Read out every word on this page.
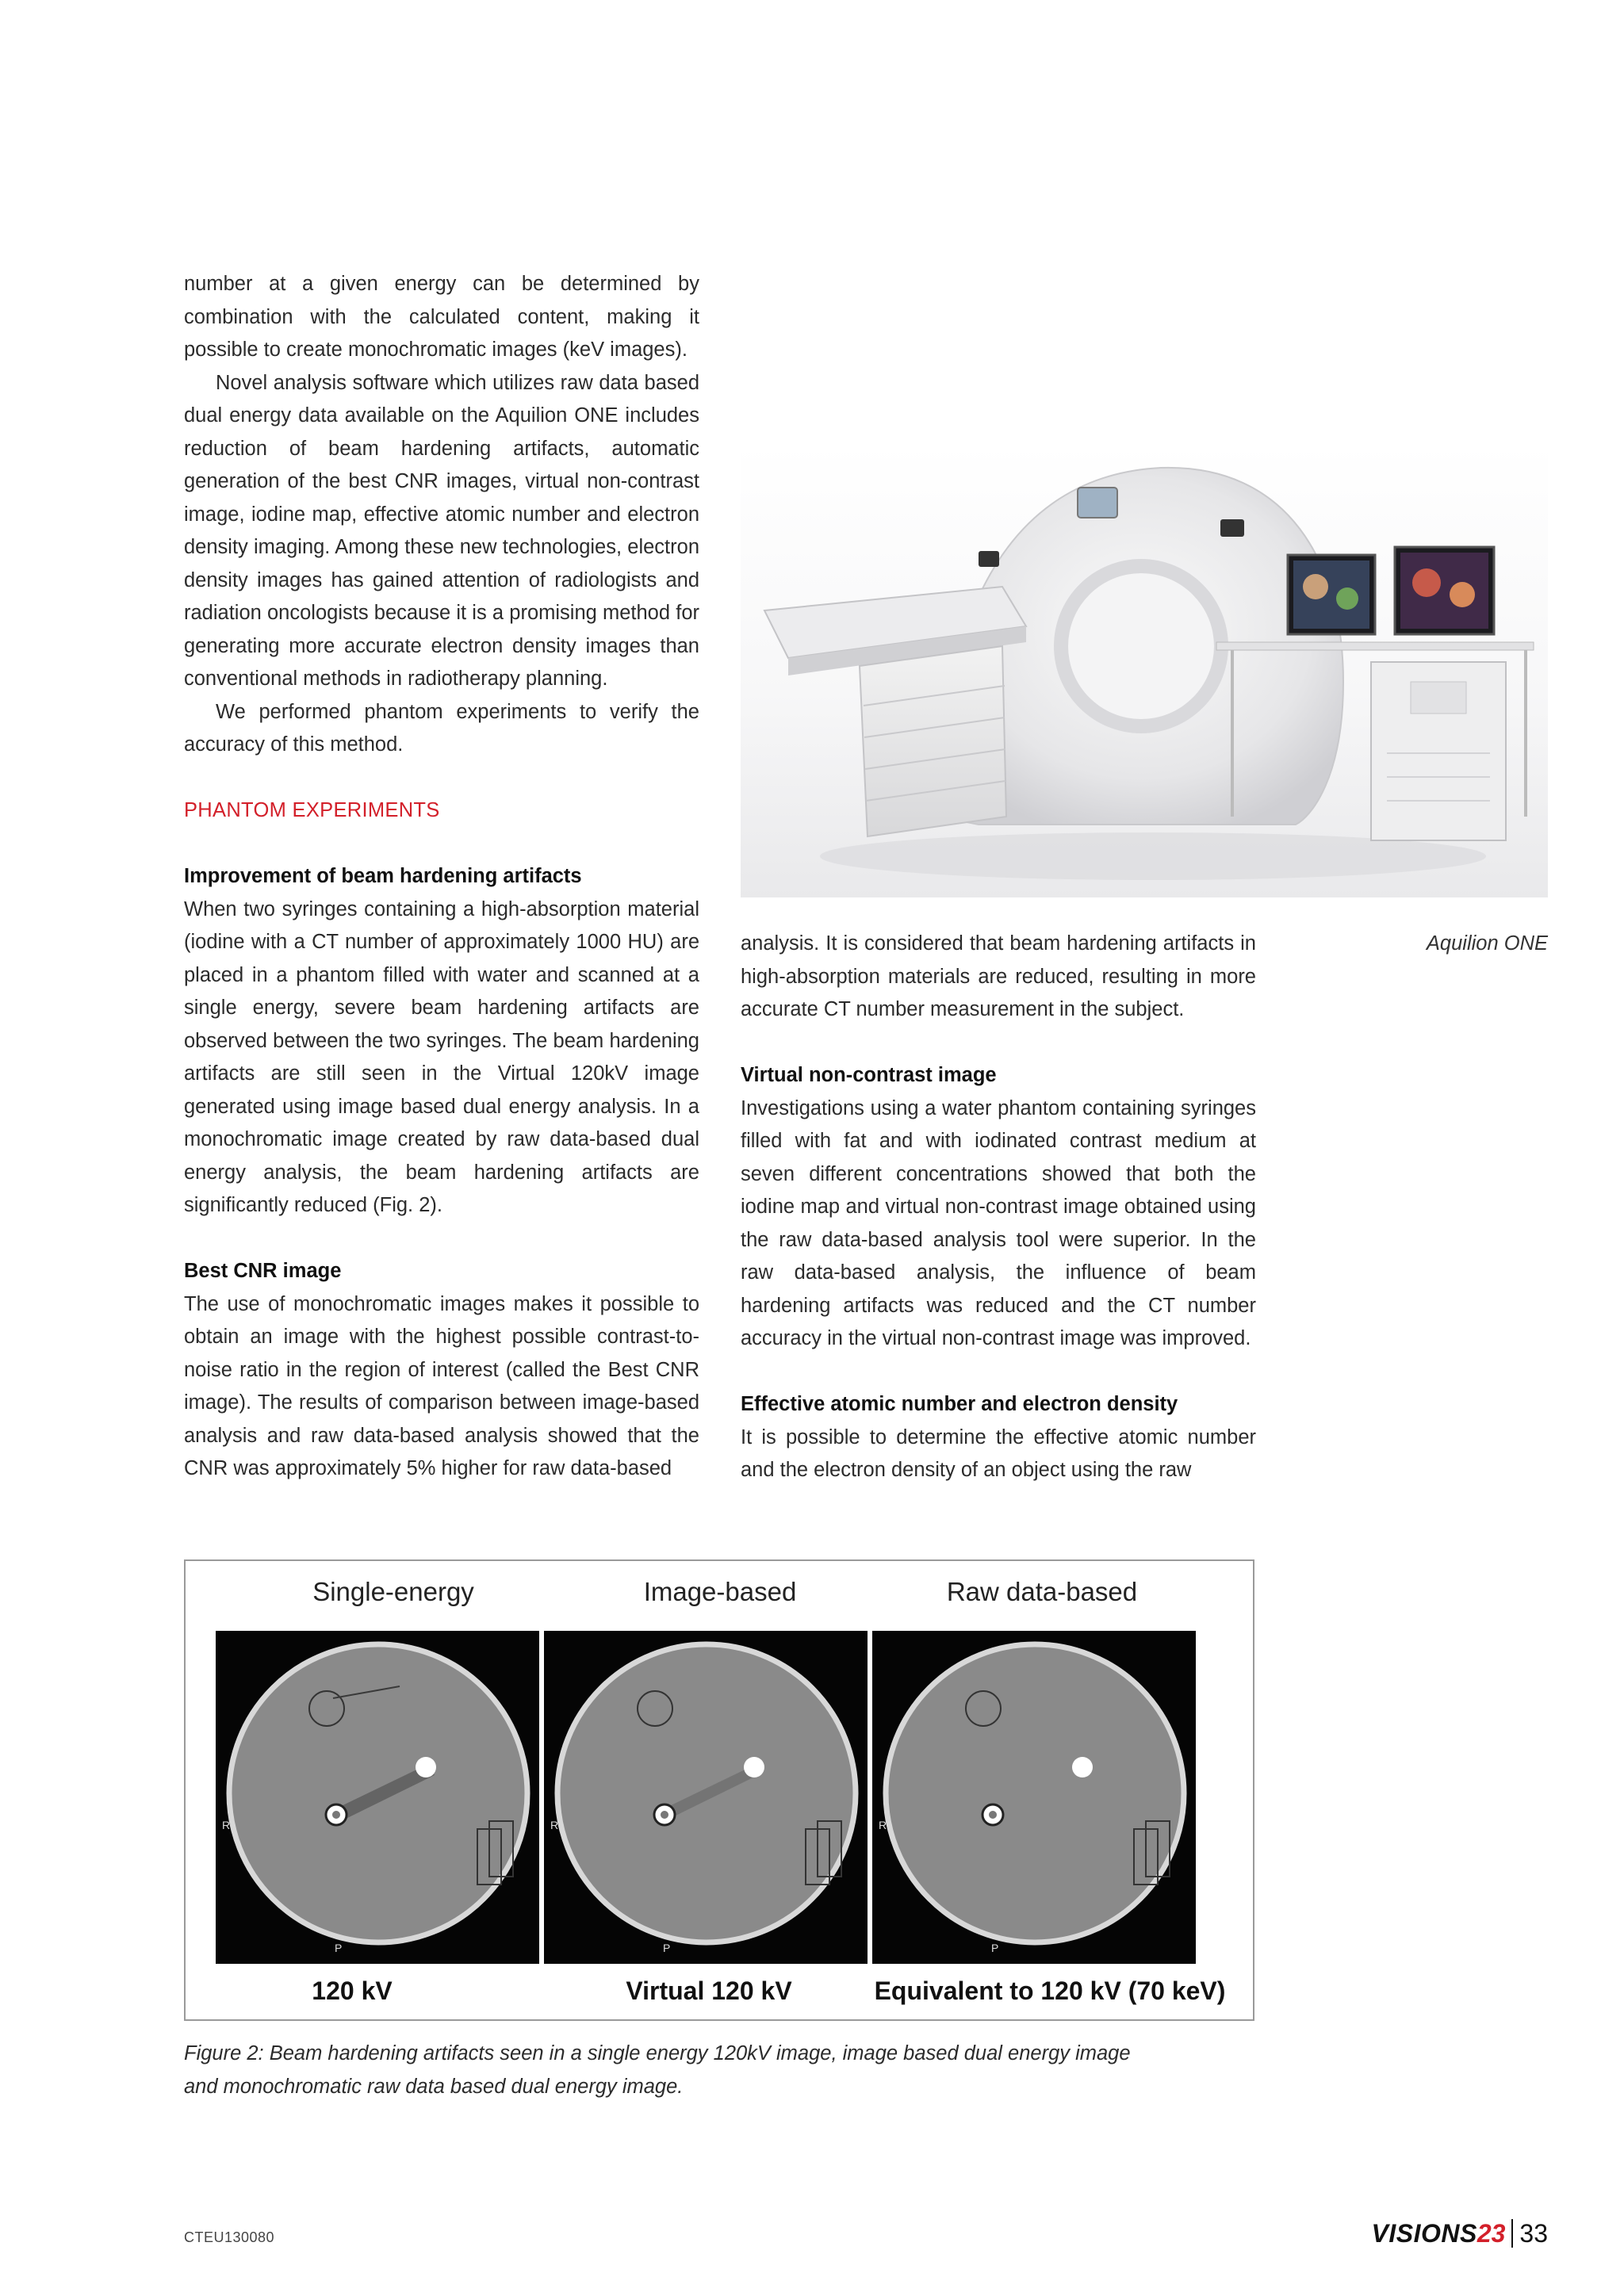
number at a given energy can be determined by combination with the calculated content, making it possible to create monochromatic images (keV images).

Novel analysis software which utilizes raw data based dual energy data available on the Aquilion ONE includes reduction of beam hardening artifacts, automatic generation of the best CNR images, virtual non-contrast image, iodine map, effective atomic number and electron density imaging. Among these new technologies, electron density images has gained attention of radiologists and radiation oncologists because it is a promising method for generating more accurate electron density images than conventional methods in radiotherapy planning.

We performed phantom experiments to verify the accuracy of this method.

PHANTOM EXPERIMENTS

Improvement of beam hardening artifacts

When two syringes containing a high-absorption material (iodine with a CT number of approximately 1000 HU) are placed in a phantom filled with water and scanned at a single energy, severe beam hardening artifacts are observed between the two syringes. The beam hardening artifacts are still seen in the Virtual 120kV image generated using image based dual energy analysis. In a monochromatic image created by raw data-based dual energy analysis, the beam hardening artifacts are significantly reduced (Fig. 2).

Best CNR image

The use of monochromatic images makes it possible to obtain an image with the highest possible contrast-to-noise ratio in the region of interest (called the Best CNR image). The results of comparison between image-based analysis and raw data-based analysis showed that the CNR was approximately 5% higher for raw data-based

Aquilion ONE

analysis. It is considered that beam hardening artifacts in high-absorption materials are reduced, resulting in more accurate CT number measurement in the subject.

Virtual non-contrast image

Investigations using a water phantom containing syringes filled with fat and with iodinated contrast medium at seven different concentrations showed that both the iodine map and virtual non-contrast image obtained using the raw data-based analysis tool were superior. In the raw data-based analysis, the influence of beam hardening artifacts was reduced and the CT number accuracy in the virtual non-contrast image was improved.

Effective atomic number and electron density

It is possible to determine the effective atomic number and the electron density of an object using the raw

Single-energy	Image-based	Raw data-based
R
P
R
P
R
P
120 kV	Virtual 120 kV	Equivalent to 120 kV (70 keV)
Figure 2: Beam hardening artifacts seen in a single energy 120kV image, image based dual energy image
and monochromatic raw data based dual energy image.
CTEU130080	VISIONS 23 33
